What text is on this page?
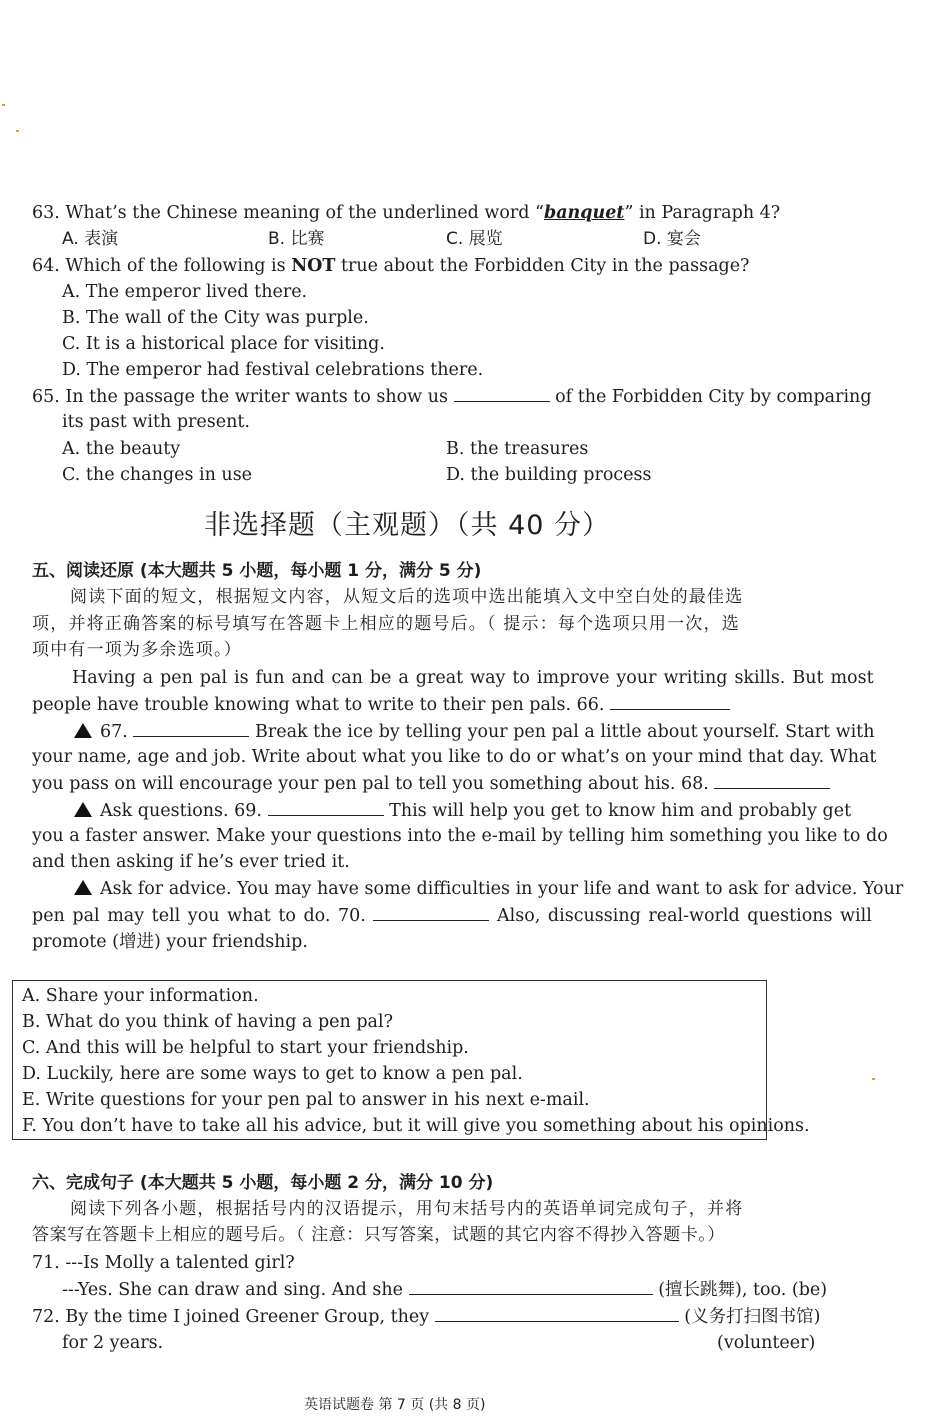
63. What’s the Chinese meaning of the underlined word “banquet” in Paragraph 4?
A. 表演	B. 比赛	C. 展览	D. 宴会
64. Which of the following is NOT true about the Forbidden City in the passage?
A. The emperor lived there.
B. The wall of the City was purple.
C. It is a historical place for visiting.
D. The emperor had festival celebrations there.
65. In the passage the writer wants to show us	of the Forbidden City by comparing
its past with present.
A. the beauty	B. the treasures
C. the changes in use	D. the building process
非选择题（主观题）（共 40 分）
五、阅读还原 (本大题共 5 小题，每小题 1 分，满分 5 分)
阅读下面的短文，根据短文内容，从短文后的选项中选出能填入文中空白处的最佳选
项，并将正确答案的标号填写在答题卡上相应的题号后。（ 提示：每个选项只用一次，选
项中有一项为多余选项。）
Having a pen pal is fun and can be a great way to improve your writing skills. But most
people have trouble knowing what to write to their pen pals. 66.
67.	Break the ice by telling your pen pal a little about yourself. Start with
your name, age and job. Write about what you like to do or what’s on your mind that day. What
you pass on will encourage your pen pal to tell you something about his. 68.
Ask questions. 69.	This will help you get to know him and probably get
you a faster answer. Make your questions into the e-mail by telling him something you like to do
and then asking if he’s ever tried it.
Ask for advice. You may have some difficulties in your life and want to ask for advice. Your
pen pal may tell you what to do. 70.	Also, discussing real-world questions will
promote (增进) your friendship.
A. Share your information.
B. What do you think of having a pen pal?
C. And this will be helpful to start your friendship.
D. Luckily, here are some ways to get to know a pen pal.
E. Write questions for your pen pal to answer in his next e-mail.
F. You don’t have to take all his advice, but it will give you something about his opinions.
六、完成句子 (本大题共 5 小题，每小题 2 分，满分 10 分)
阅读下列各小题，根据括号内的汉语提示，用句末括号内的英语单词完成句子，并将
答案写在答题卡上相应的题号后。（ 注意：只写答案，试题的其它内容不得抄入答题卡。）
71. ---Is Molly a talented girl?
---Yes. She can draw and sing. And she	(擅长跳舞), too. (be)
72. By the time I joined Greener Group, they	(义务打扫图书馆)
for 2 years.	(volunteer)
英语试题卷 第 7 页 (共 8 页)
